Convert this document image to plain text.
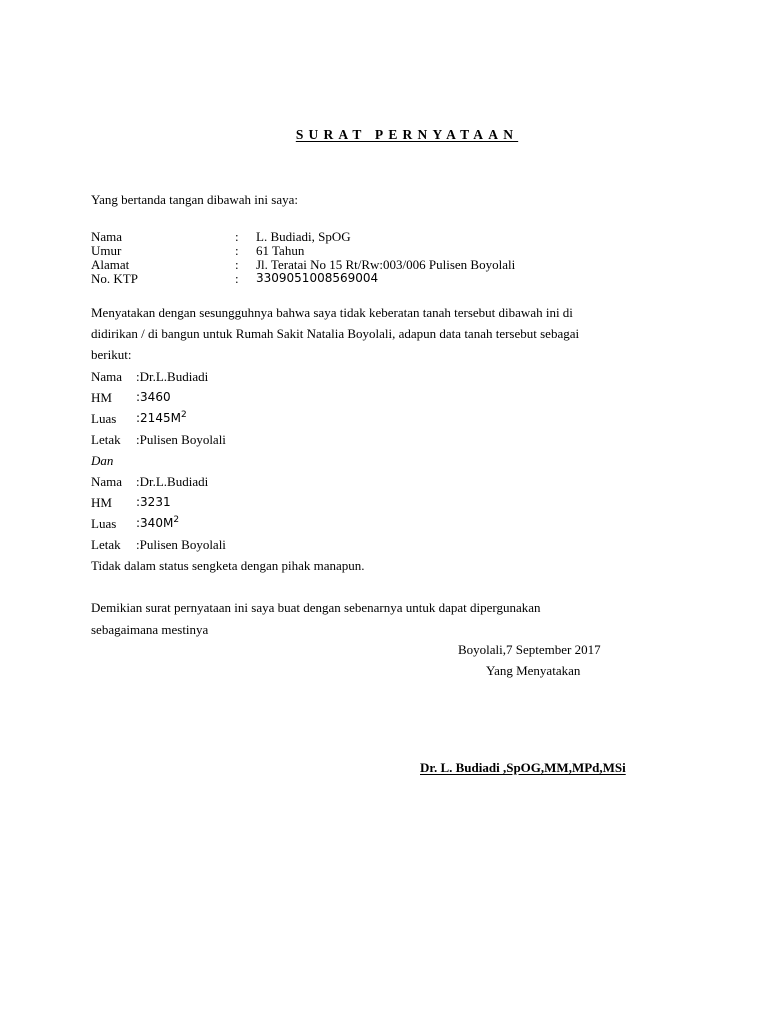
SURAT PERNYATAAN
Yang bertanda tangan dibawah ini saya:
Nama	: L. Budiadi, SpOG
Umur	: 61 Tahun
Alamat	: Jl. Teratai No 15 Rt/Rw:003/006 Pulisen Boyolali
No. KTP	: 3309051008569004
Menyatakan dengan sesungguhnya bahwa saya tidak keberatan tanah tersebut dibawah ini di
didirikan / di bangun untuk Rumah Sakit Natalia Boyolali, adapun data tanah tersebut sebagai
berikut:
Nama :Dr.L.Budiadi
HM :3460
Luas $:2145M^2$
Letak :Pulisen Boyolali
Dan
Nama :Dr.L.Budiadi
HM :3231
Luas $:340M^2$
Letak :Pulisen Boyolali
Tidak dalam status sengketa dengan pihak manapun.
Demikian surat pernyataan ini saya buat dengan sebenarnya untuk dapat dipergunakan
sebagaimana mestinya
Boyolali,7 September 2017
Yang Menyatakan
Dr. L. Budiadi ,SpOG,MM,MPd,MSi
